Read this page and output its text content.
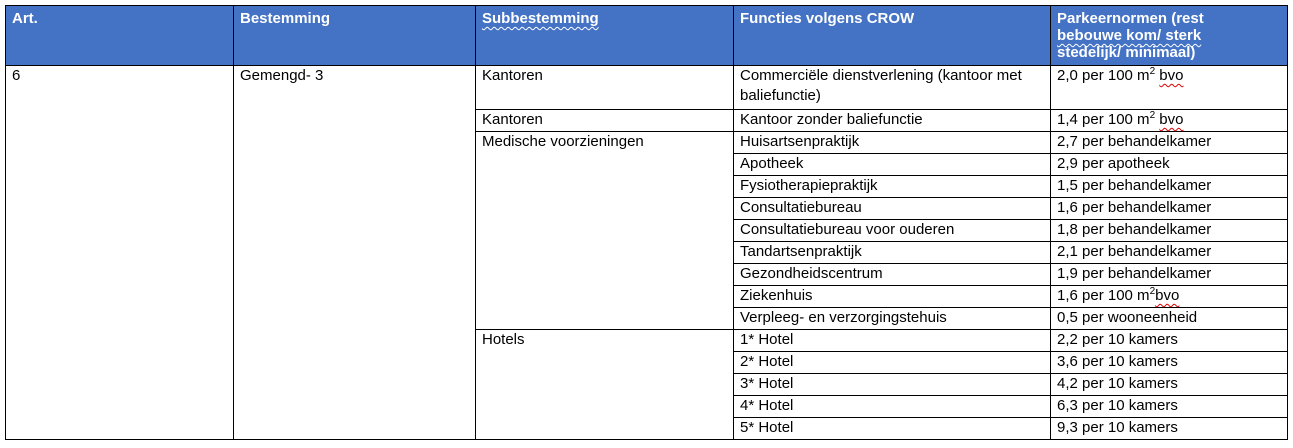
Art.	Bestemming	Subbestemming	Functies volgens CROW	Parkeernormen (rest
bebouwe kom/ sterk
stedelijk/ minimaal)
6	Gemengd- 3	Kantoren	Commerciële dienstverlening (kantoor met baliefunctie)	2,0 per 100 $m^2$ bvo
		Kantoren	Kantoor zonder baliefunctie	1,4 per 100 $m^2$ bvo
		Medische voorzieningen	Huisartsenpraktijk	2,7 per behandelkamer
			Apotheek	2,9 per apotheek
			Fysiotherapiepraktijk	1,5 per behandelkamer
			Consultatiebureau	1,6 per behandelkamer
			Consultatiebureau voor ouderen	1,8 per behandelkamer
			Tandartsenpraktijk	2,1 per behandelkamer
			Gezondheidscentrum	1,9 per behandelkamer
			Ziekenhuis	1,6 per 100 $m^2bvo$
			Verpleeg- en verzorgingstehuis	0,5 per wooneenheid
		Hotels	1* Hotel	2,2 per 10 kamers
			2* Hotel	3,6 per 10 kamers
			3* Hotel	4,2 per 10 kamers
			4* Hotel	6,3 per 10 kamers
			5* Hotel	9,3 per 10 kamers
